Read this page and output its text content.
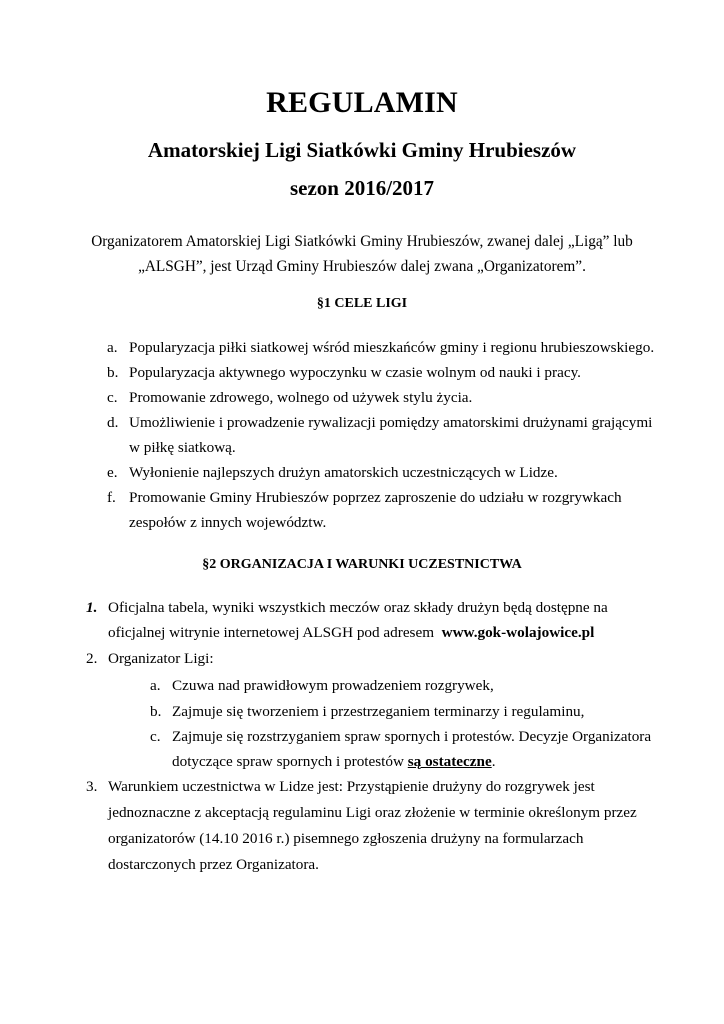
REGULAMIN
Amatorskiej Ligi Siatkówki Gminy Hrubieszów
sezon 2016/2017
Organizatorem Amatorskiej Ligi Siatkówki Gminy Hrubieszów, zwanej dalej „Ligą” lub
„ALSGH”, jest Urząd Gminy Hrubieszów dalej zwana „Organizatorem”.
§1 CELE LIGI
a. Popularyzacja piłki siatkowej wśród mieszkańców gminy i regionu hrubieszowskiego.
b. Popularyzacja aktywnego wypoczynku w czasie wolnym od nauki i pracy.
c. Promowanie zdrowego, wolnego od używek stylu życia.
d. Umożliwienie i prowadzenie rywalizacji pomiędzy amatorskimi drużynami grającymi
w piłkę siatkową.
e. Wyłonienie najlepszych drużyn amatorskich uczestniczących w Lidze.
f. Promowanie Gminy Hrubieszów poprzez zaproszenie do udziału w rozgrywkach
zespołów z innych województw.
§2 ORGANIZACJA I WARUNKI UCZESTNICTWA
1. Oficjalna tabela, wyniki wszystkich meczów oraz składy drużyn będą dostępne na
oficjalnej witrynie internetowej ALSGH pod adresem www.gok-wolajowice.pl
2. Organizator Ligi:
a. Czuwa nad prawidłowym prowadzeniem rozgrywek,
b. Zajmuje się tworzeniem i przestrzeganiem terminarzy i regulaminu,
c. Zajmuje się rozstrzyganiem spraw spornych i protestów. Decyzje Organizatora
dotyczące spraw spornych i protestów są ostateczne.
3. Warunkiem uczestnictwa w Lidze jest: Przystąpienie drużyny do rozgrywek jest
jednoznaczne z akceptacją regulaminu Ligi oraz złożenie w terminie określonym przez
organizatorów (14.10 2016 r.) pisemnego zgłoszenia drużyny na formularzach
dostarczonych przez Organizatora.
